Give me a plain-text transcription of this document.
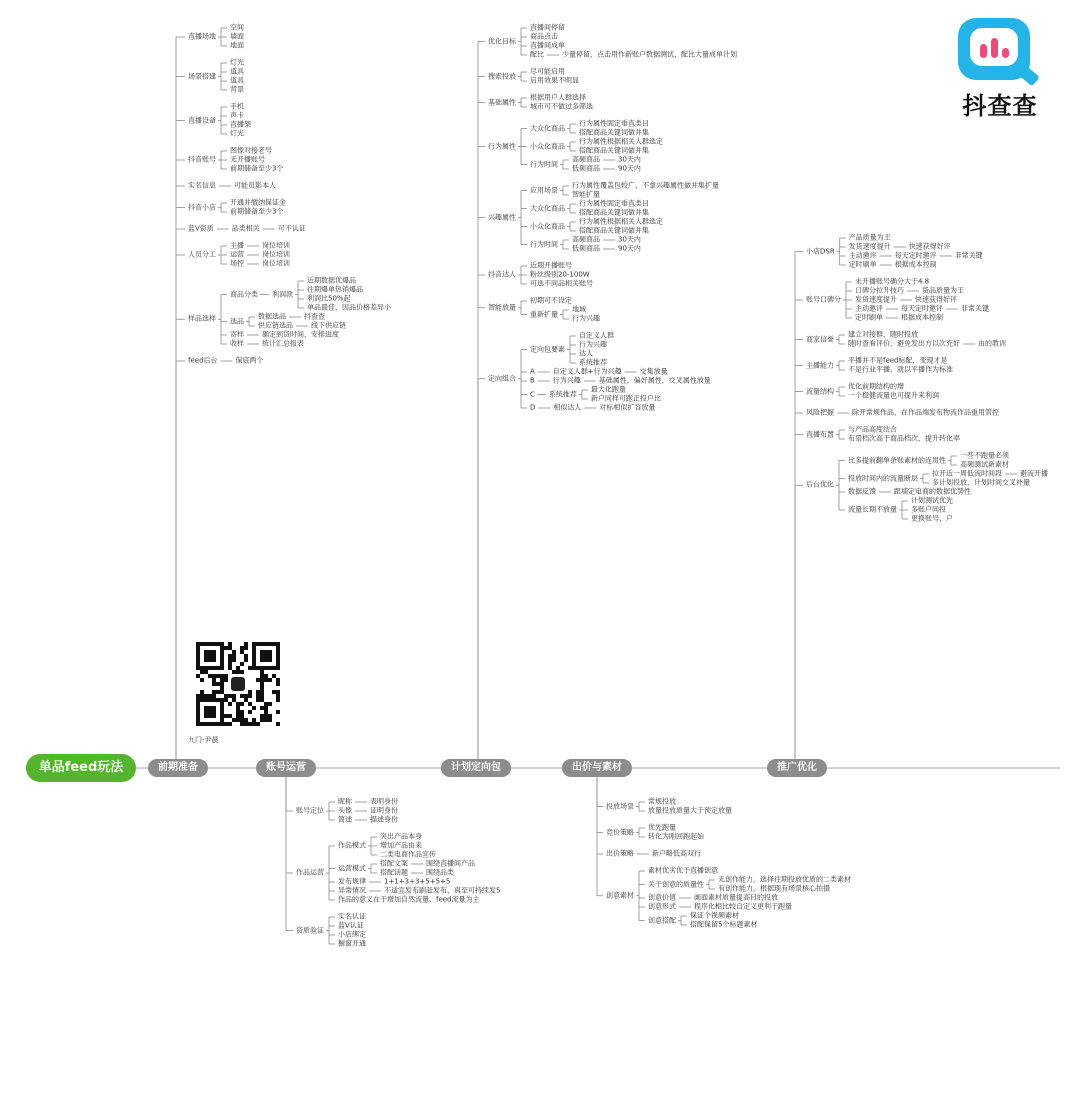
单品feed玩法	前期准备	账号运营	计划定向包	出价与素材	推广优化
抖查查
九门-尹晨
直播场地
空间
墙面
地面
场景搭建
灯光
道具
道具
背景
直播设备
手机
声卡
直播架
灯光
抖音账号
图像对接老号
无开播账号
前期储备至少3个
实名信息	可能员影本人
抖音小店
开通并缴纳保证金
前期储备至少3个
蓝V资质	品类相关	可不认证
人员分工
主播	岗位培训
运营	岗位培训
场控	岗位培训
样品选样
商品分类 利润款
近期数据优爆品
往期爆单热销爆品
利润比50%起
单品最佳，因品价格差异小
选品
数据选品	抖查查
供应链选品	线下供应链
寄样	确定到货时间，安排进度
收样	统计汇总报表
feed后台	保底两个
账号定位
昵称	表明身份
头像	证明身份
简述	描述身份
作品运营
作品模式
突出产品本身
增加产品由来
二类电商作品宣传
运营模式
搭配文案	围绕直播间产品
搭配话题	围绕品类
发布规律	1+1+3+3+5+5+5
异常情况	不适宜发布刷赶发布，真至可持续发5
作品的意义在于增加自然流量、feed流量为主
资质验证
实名认证
蓝V认证
小店绑定
橱窗开通
优化目标
直播间停留
商品点击
直播间成单
配比	少量停留，点击用作新账户数据测试，配比大量成单计划
搜索投放
尽可能启用
启用效果不明显
基础属性
根据用户人群选择
城市可不做过多筛选
行为属性
大众化商品
行为属性固定垂直类目
搭配商品关键词做并集
小众化商品
行为属性根据相关人群选定
搭配商品关键词做并集
行为时间
高频商品	30天内
低频商品	90天内
兴趣属性
应用场景
行为属性覆盖包较广，不拿兴趣属性做并集扩量
智能扩量
大众化商品
行为属性固定垂直类目
搭配商品关键词做并集
小众化商品
行为属性根据相关人群选定
搭配商品关键词做并集
行为时间
高频商品	30天内
低频商品	90天内
抖音达人
近期开播账号
粉丝级别20-100W
可选不同品相关账号
智能放量
初期可不设定
重新扩量
地域
行为兴趣
定向组合
定向包要素
自定义人群
行为兴趣
达人
系统推荐
A	自定义人群+行为兴趣	交集放量
B	行为兴趣	基础属性，偏好属性，交叉属性放量
C 系统推荐
最大化跑量
新户同样可跑正投户比
D	相似达人	对标相似扩容放量
投放场景
常规投放
放量投放质量大于预定放量
竞价策略
优先跑量
转化为刚回跑起始
出价策略	新户略低高双行
创意素材
素材优劣优于直播创意
关于创意的质量性
无创作能力，选择往期投放优质的二类素材
有创作能力，根据现有场景核心拍摄
创意价值	画面素材质量提高目的投放
创意形式	程序化相比较自定义更利于跑量
创意搭配
保证个视频素材
搭配保留5个标题素材
小店DSR
产品质量为王
发货速度提升	快速获得好评
主动邀评	每天定时邀评	非常关键
定时刷单	根据成本控制
账号口碑分
未开播账号确分大于4.8
口碑分拉升技巧	货品质量为王
发货速度提升	快速获得好评
主动邀评	每天定时邀评	非常关键
定时刷单	根据成本控制
商家信誉
建立对接群，随时投放
随时查看评价，避免发出方以次充好	由的教训
主播能力
平播并不是feed标配，变现才是
不是行业平播，就以平播作为标准
流量结构
优化前期结构的增
一个稳健流量也可提升来利润
风险把握	除开常规作品，在作品端发布物流作品重用管控
直播布置
与产品高度结合
布景档次高于商品档次，提升转化率
后台优化
比多提前翻单条账素材的连贯性
一些不跑量必须
高频测试新素材
投放时间内的流量断层
拉开近一周低流时间段	避流开播
多计划投放，计划时间交叉补量
数据反馈	跟埔定电商的数据优势性
流量长期不放量
计划测试优先
多账户同投
更换账号、户
